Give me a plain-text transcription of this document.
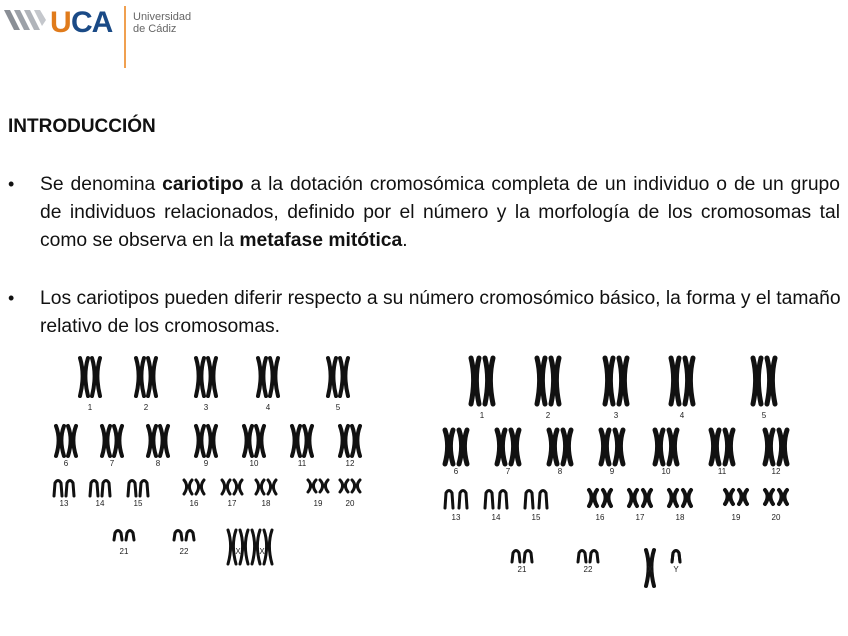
U CA Universidad
de Cádiz
INTRODUCCIÓN
• Se denomina cariotipo a la dotación cromosómica completa de un individuo o de un grupo de individuos relacionados, definido por el número y la morfología de los cromosomas tal como se observa en la metafase mitótica.
• Los cariotipos pueden diferir respecto a su número cromosómico básico, la forma y el tamaño relativo de los cromosomas.
1	2	3	4	5
6	7	8	9	10	11	12
13	14	15	16	17	18	19	20
21	22	X X
1	2	3	4	5
6	7	8	9	10	11	12
13	14	15	16	17	18	19	20
21	22	X	Y
